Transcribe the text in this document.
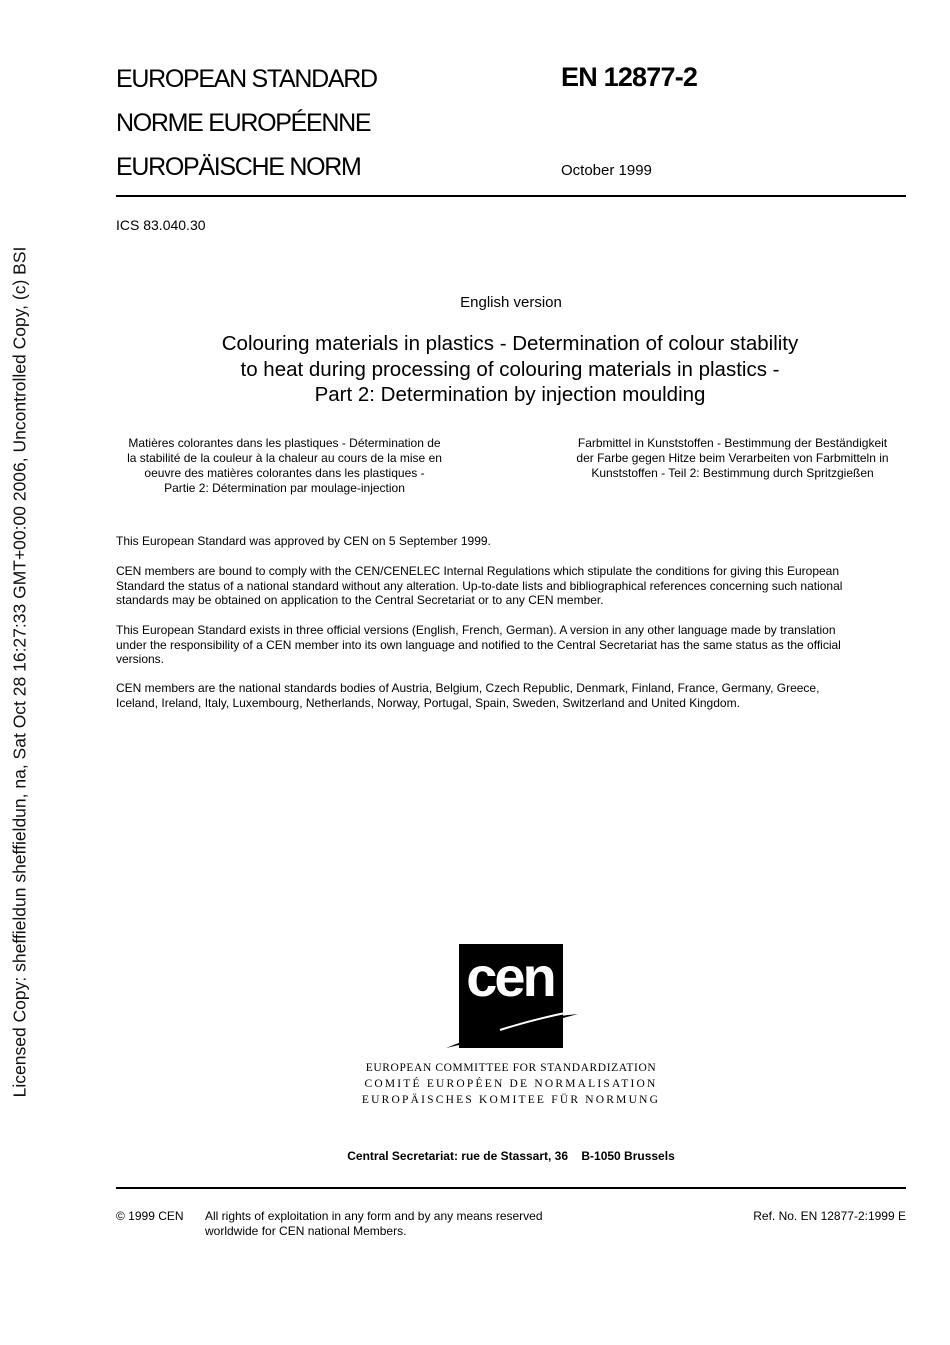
Licensed Copy: sheffieldun sheffieldun, na, Sat Oct 28 16:27:33 GMT+00:00 2006, Uncontrolled Copy, (c) BSI
EUROPEAN STANDARD
NORME EUROPÉENNE
EUROPÄISCHE NORM
EN 12877-2
October 1999
ICS 83.040.30
English version
Colouring materials in plastics - Determination of colour stability
to heat during processing of colouring materials in plastics -
Part 2: Determination by injection moulding
Matières colorantes dans les plastiques - Détermination de
la stabilité de la couleur à la chaleur au cours de la mise en
oeuvre des matières colorantes dans les plastiques -
Partie 2: Détermination par moulage-injection
Farbmittel in Kunststoffen - Bestimmung der Beständigkeit
der Farbe gegen Hitze beim Verarbeiten von Farbmitteln in
Kunststoffen - Teil 2: Bestimmung durch Spritzgießen
This European Standard was approved by CEN on 5 September 1999.
CEN members are bound to comply with the CEN/CENELEC Internal Regulations which stipulate the conditions for giving this European
Standard the status of a national standard without any alteration. Up-to-date lists and bibliographical references concerning such national
standards may be obtained on application to the Central Secretariat or to any CEN member.
This European Standard exists in three official versions (English, French, German). A version in any other language made by translation
under the responsibility of a CEN member into its own language and notified to the Central Secretariat has the same status as the official
versions.
CEN members are the national standards bodies of Austria, Belgium, Czech Republic, Denmark, Finland, France, Germany, Greece,
Iceland, Ireland, Italy, Luxembourg, Netherlands, Norway, Portugal, Spain, Sweden, Switzerland and United Kingdom.
cen
EUROPEAN COMMITTEE FOR STANDARDIZATION
COMITÉ EUROPÉEN DE NORMALISATION
EUROPÄISCHES KOMITEE FÜR NORMUNG
Central Secretariat: rue de Stassart, 36    B-1050 Brussels
© 1999 CEN All rights of exploitation in any form and by any means reserved
worldwide for CEN national Members.
Ref. No. EN 12877-2:1999 E
